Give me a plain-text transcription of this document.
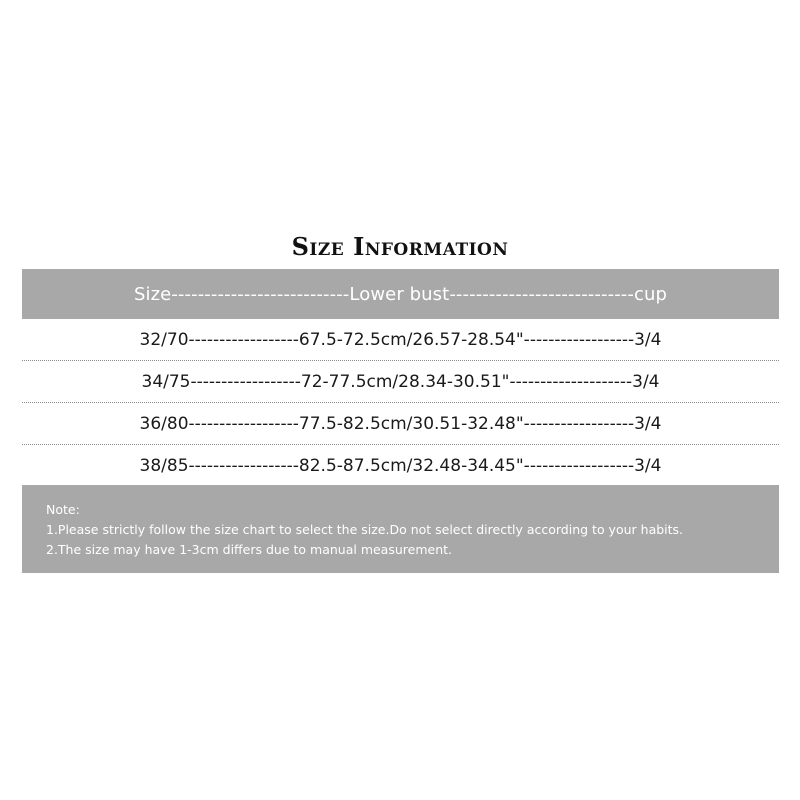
Size Information
Size---------------------------Lower bust----------------------------cup
32/70------------------67.5-72.5cm/26.57-28.54"------------------3/4
34/75------------------72-77.5cm/28.34-30.51"--------------------3/4
36/80------------------77.5-82.5cm/30.51-32.48"------------------3/4
38/85------------------82.5-87.5cm/32.48-34.45"------------------3/4
Note:
1.Please strictly follow the size chart to select the size.Do not select directly according to your habits.
2.The size may have 1-3cm differs due to manual measurement.
